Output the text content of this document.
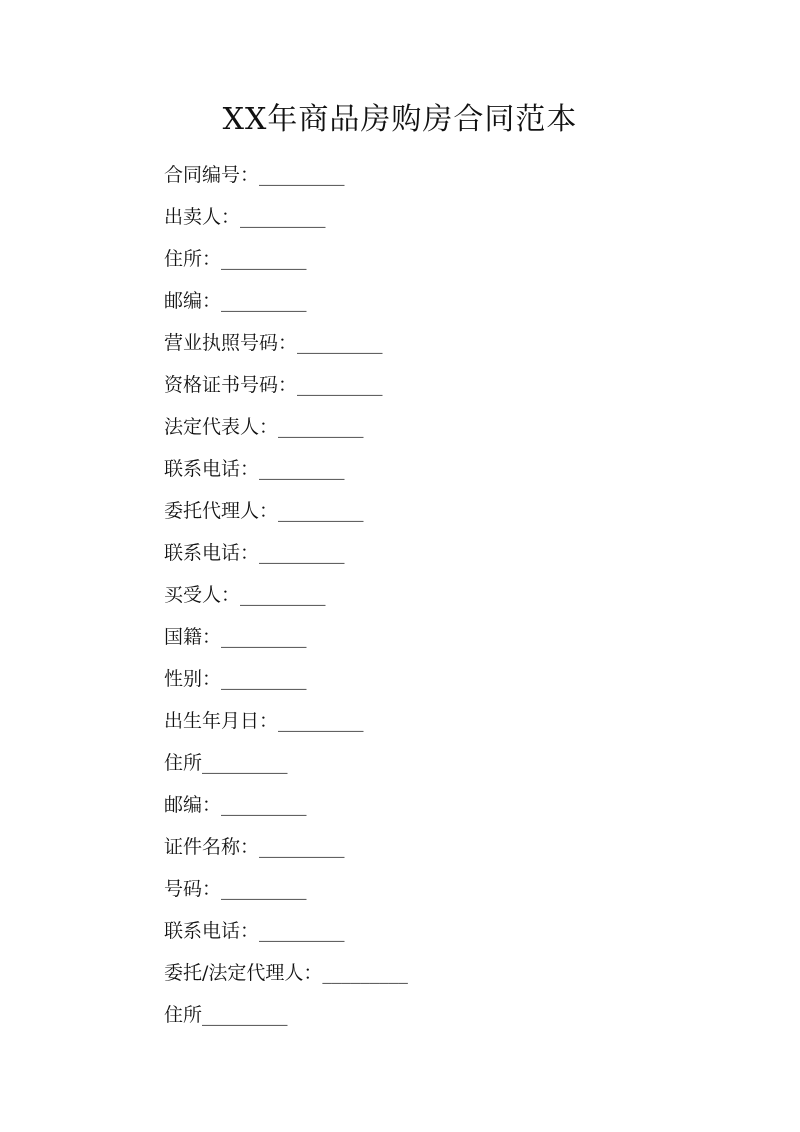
XX年商品房购房合同范本
合同编号：_________
出卖人：_________
住所：_________
邮编：_________
营业执照号码：_________
资格证书号码：_________
法定代表人：_________
联系电话：_________
委托代理人：_________
联系电话：_________
买受人：_________
国籍：_________
性别：_________
出生年月日：_________
住所_________
邮编：_________
证件名称：_________
号码：_________
联系电话：_________
委托/法定代理人：_________
住所_________
